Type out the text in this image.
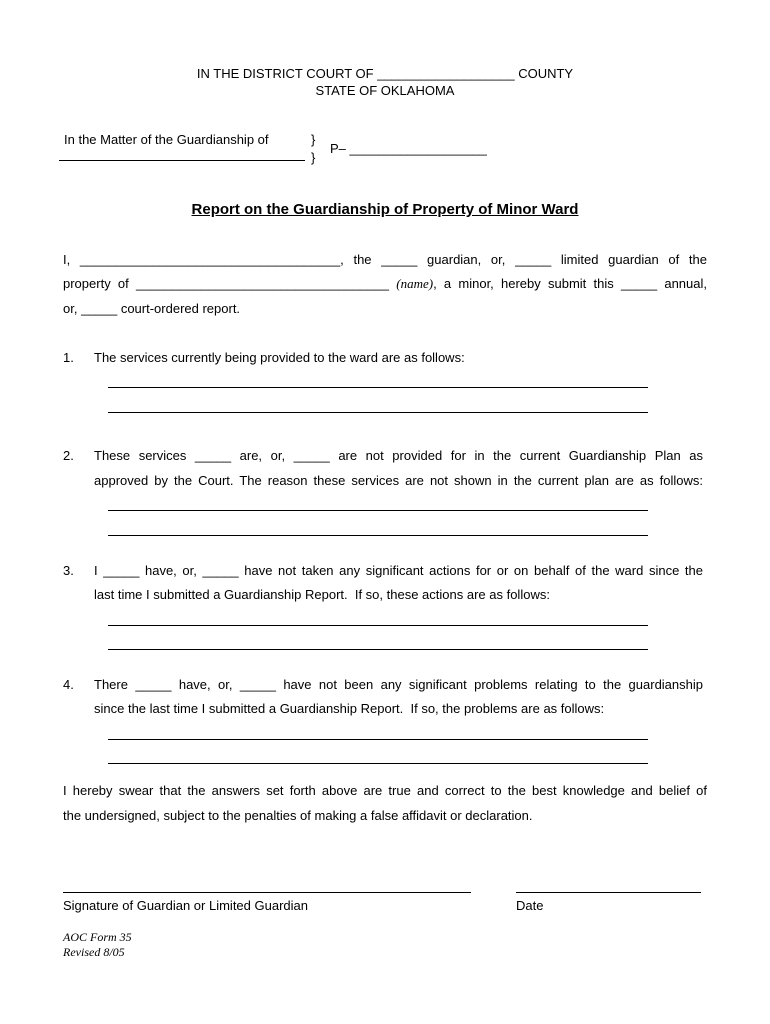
IN THE DISTRICT COURT OF ___________________ COUNTY
STATE OF OKLAHOMA
In the Matter of the Guardianship of	}
}
P– ___________________
Report on the Guardianship of Property of Minor Ward
I, ____________________________________, the _____ guardian, or, _____ limited guardian of the
property of ___________________________________ (name), a minor, hereby submit this _____ annual,
or, _____ court-ordered report.
1. The services currently being provided to the ward are as follows:
2. These services _____ are, or, _____ are not provided for in the current Guardianship Plan as
approved by the Court. The reason these services are not shown in the current plan are as follows:
3. I _____ have, or, _____ have not taken any significant actions for or on behalf of the ward since the
last time I submitted a Guardianship Report.  If so, these actions are as follows:
4. There _____ have, or, _____ have not been any significant problems relating to the guardianship
since the last time I submitted a Guardianship Report.  If so, the problems are as follows:
I hereby swear that the answers set forth above are true and correct to the best knowledge and belief of
the undersigned, subject to the penalties of making a false affidavit or declaration.
Signature of Guardian or Limited Guardian	Date
AOC Form 35
Revised 8/05
